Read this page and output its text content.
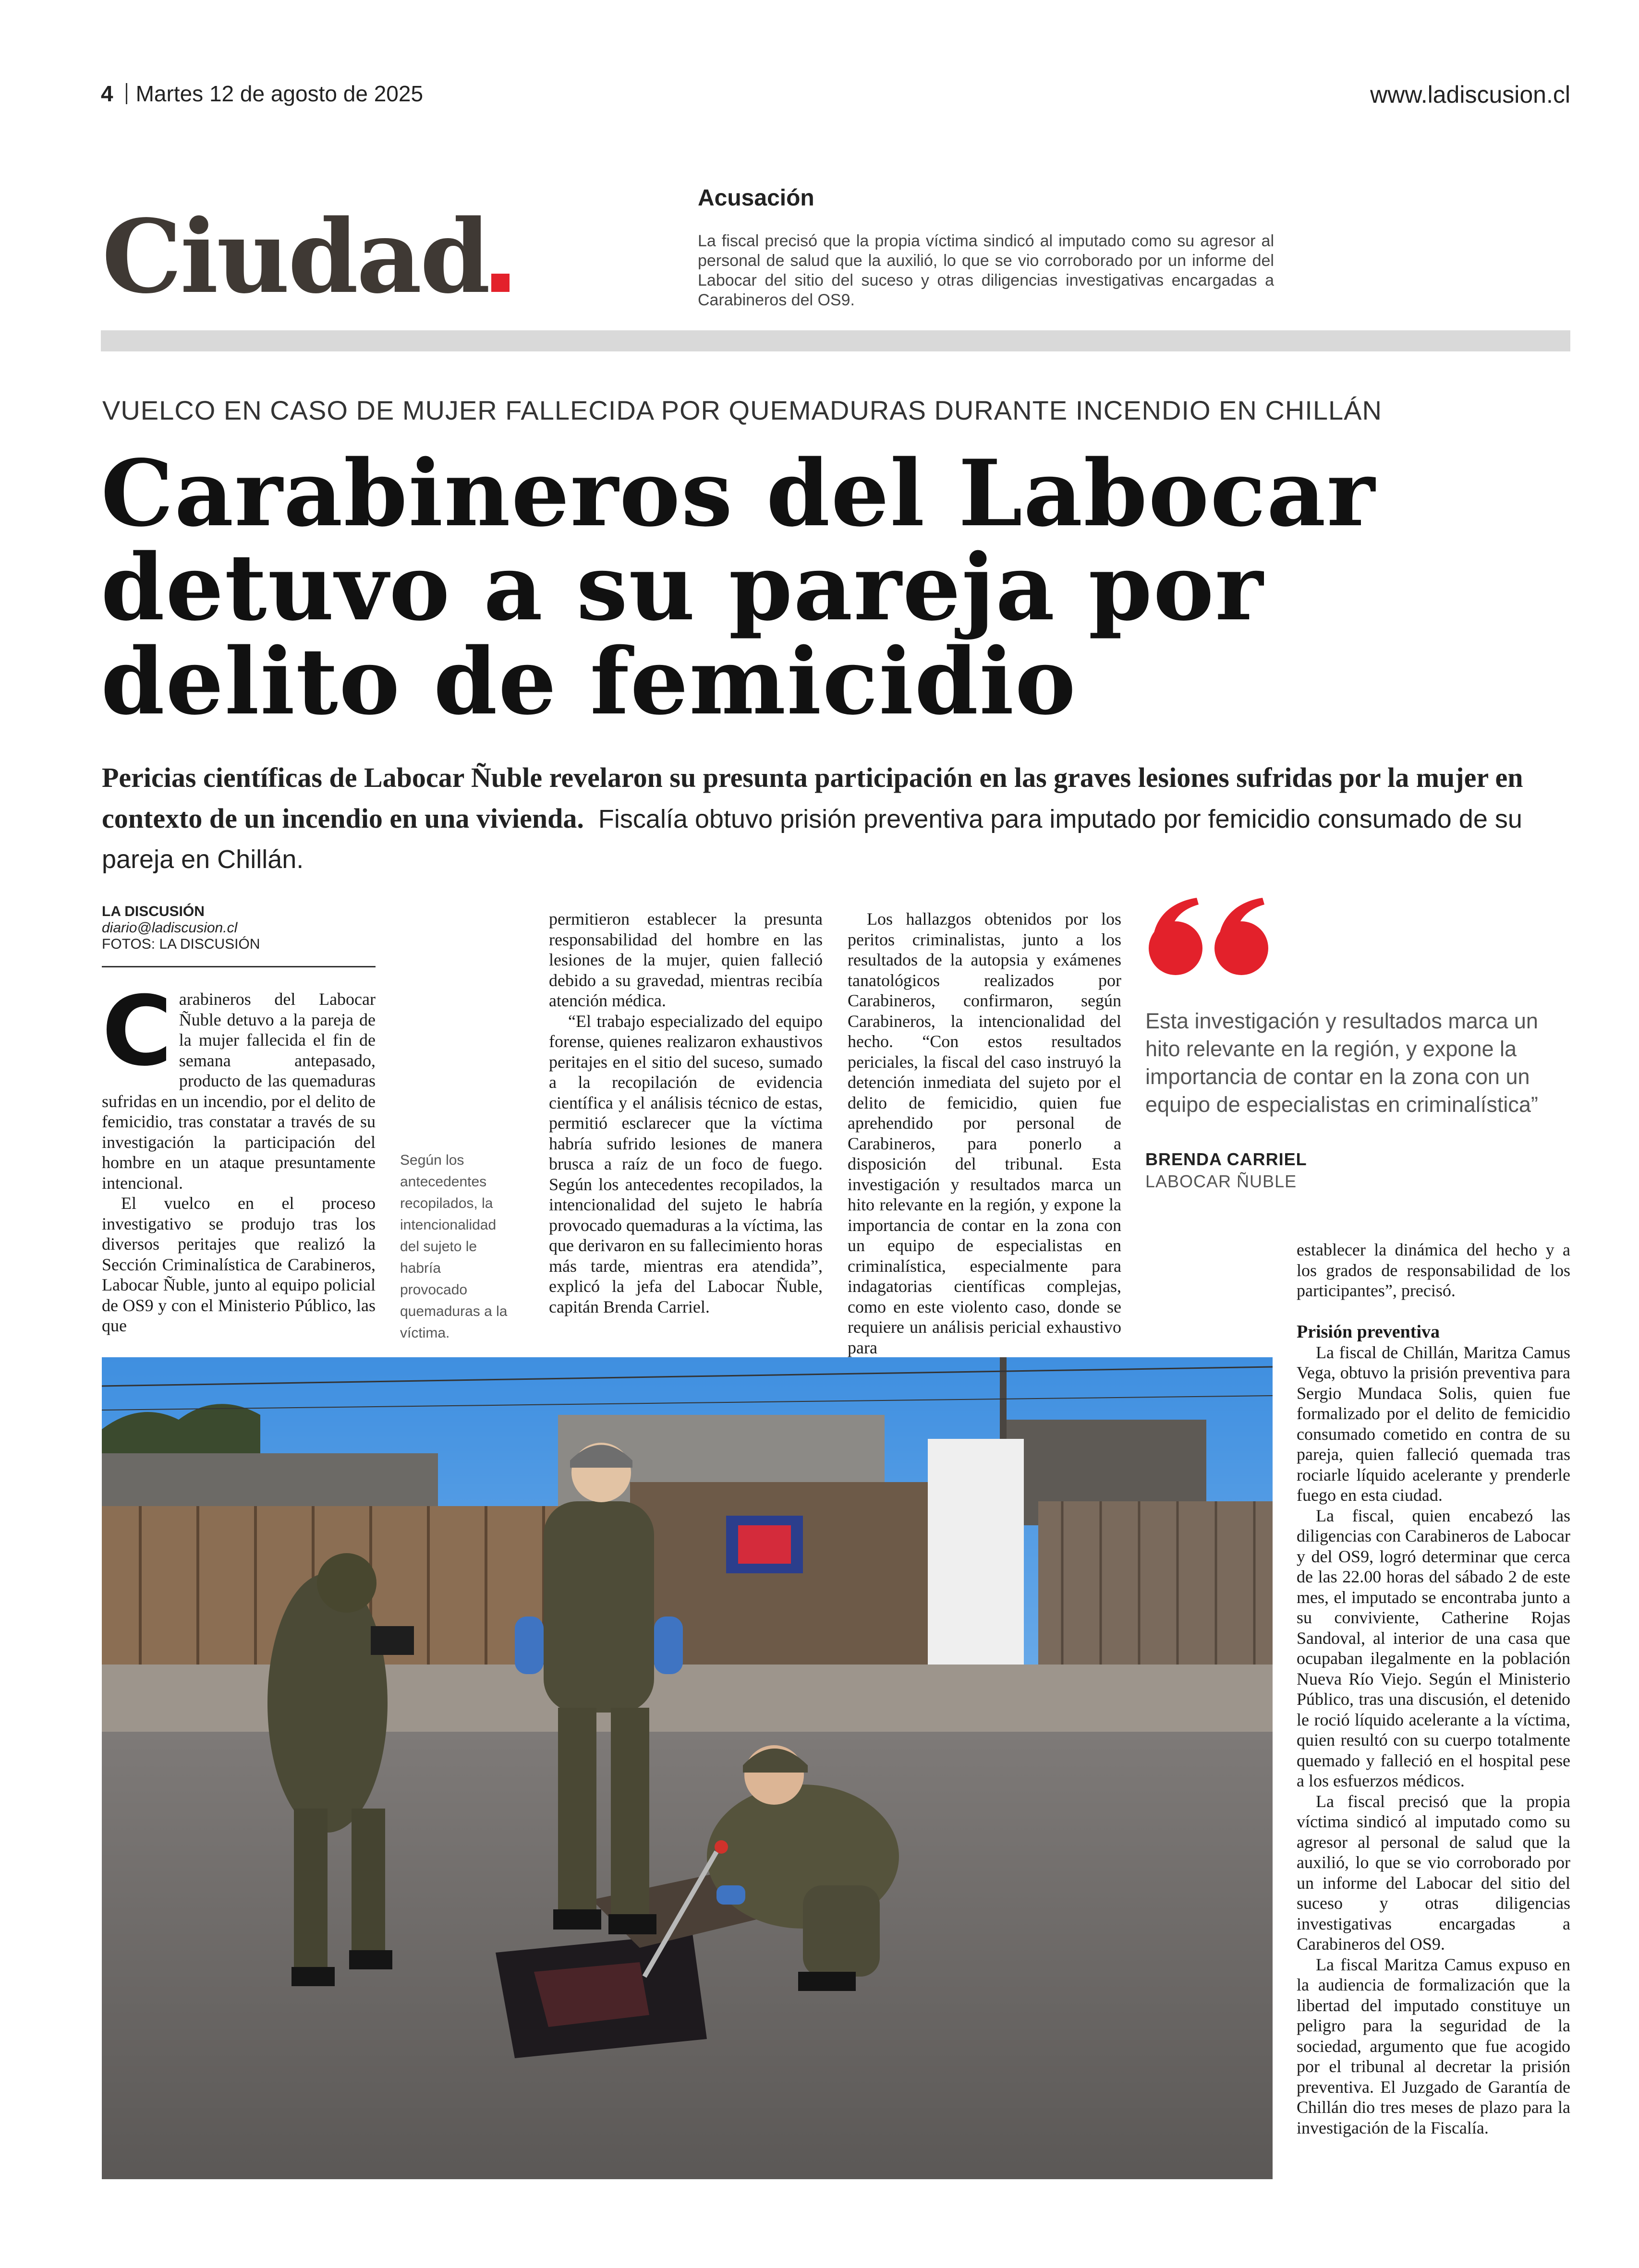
4 Martes 12 de agosto de 2025	www.ladiscusion.cl
Ciudad	Acusación
La fiscal precisó que la propia víctima sindicó al imputado como su agresor al personal de salud que la auxilió, lo que se vio corroborado por un informe del Labocar del sitio del suceso y otras diligencias investigativas encargadas a Carabineros del OS9.
VUELCO EN CASO DE MUJER FALLECIDA POR QUEMADURAS DURANTE INCENDIO EN CHILLÁN
Carabineros del Labocar detuvo a su pareja por delito de femicidio
Pericias científicas de Labocar Ñuble revelaron su presunta participación en las graves lesiones sufridas por la mujer en contexto de un incendio en una vivienda. Fiscalía obtuvo prisión preventiva para imputado por femicidio consumado de su pareja en Chillán.
LA DISCUSIÓN
diario@ladiscusion.cl
FOTOS: LA DISCUSIÓN

Carabineros del Labocar Ñuble detuvo a la pareja de la mujer fallecida el fin de semana antepasado, producto de las quemaduras sufridas en un incendio, por el delito de femicidio, tras constatar a través de su investigación la participación del hombre en un ataque presuntamente intencional.

El vuelco en el proceso investigativo se produjo tras los diversos peritajes que realizó la Sección Criminalística de Carabineros, Labocar Ñuble, junto al equipo policial de OS9 y con el Ministerio Público, las que

Según los antecedentes recopilados, la intencionalidad del sujeto le habría provocado quemaduras a la víctima.

permitieron establecer la presunta responsabilidad del hombre en las lesiones de la mujer, quien falleció debido a su gravedad, mientras recibía atención médica.

“El trabajo especializado del equipo forense, quienes realizaron exhaustivos peritajes en el sitio del suceso, sumado a la recopilación de evidencia científica y el análisis técnico de estas, permitió esclarecer que la víctima habría sufrido lesiones de manera brusca a raíz de un foco de fuego. Según los antecedentes recopilados, la intencionalidad del sujeto le habría provocado quemaduras a la víctima, las que derivaron en su fallecimiento horas más tarde, mientras era atendida”, explicó la jefa del Labocar Ñuble, capitán Brenda Carriel.

Los hallazgos obtenidos por los peritos criminalistas, junto a los resultados de la autopsia y exámenes tanatológicos realizados por Carabineros, confirmaron, según Carabineros, la intencionalidad del hecho. “Con estos resultados periciales, la fiscal del caso instruyó la detención inmediata del sujeto por el delito de femicidio, quien fue aprehendido por personal de Carabineros, para ponerlo a disposición del tribunal. Esta investigación y resultados marca un hito relevante en la región, y expone la importancia de contar en la zona con un equipo de especialistas en criminalística, especialmente para indagatorias científicas complejas, como en este violento caso, donde se requiere un análisis pericial exhaustivo para

Esta investigación y resultados marca un hito relevante en la región, y expone la importancia de contar en la zona con un equipo de especialistas en criminalística”
BRENDA CARRIEL
LABOCAR ÑUBLE

establecer la dinámica del hecho y a los grados de responsabilidad de los participantes”, precisó.

Prisión preventiva

La fiscal de Chillán, Maritza Camus Vega, obtuvo la prisión preventiva para Sergio Mundaca Solis, quien fue formalizado por el delito de femicidio consumado cometido en contra de su pareja, quien falleció quemada tras rociarle líquido acelerante y prenderle fuego en esta ciudad.

La fiscal, quien encabezó las diligencias con Carabineros de Labocar y del OS9, logró determinar que cerca de las 22.00 horas del sábado 2 de este mes, el imputado se encontraba junto a su conviviente, Catherine Rojas Sandoval, al interior de una casa que ocupaban ilegalmente en la población Nueva Río Viejo. Según el Ministerio Público, tras una discusión, el detenido le roció líquido acelerante a la víctima, quien resultó con su cuerpo totalmente quemado y falleció en el hospital pese a los esfuerzos médicos.

La fiscal precisó que la propia víctima sindicó al imputado como su agresor al personal de salud que la auxilió, lo que se vio corroborado por un informe del Labocar del sitio del suceso y otras diligencias investigativas encargadas a Carabineros del OS9.

La fiscal Maritza Camus expuso en la audiencia de formalización que la libertad del imputado constituye un peligro para la seguridad de la sociedad, argumento que fue acogido por el tribunal al decretar la prisión preventiva. El Juzgado de Garantía de Chillán dio tres meses de plazo para la investigación de la Fiscalía.
